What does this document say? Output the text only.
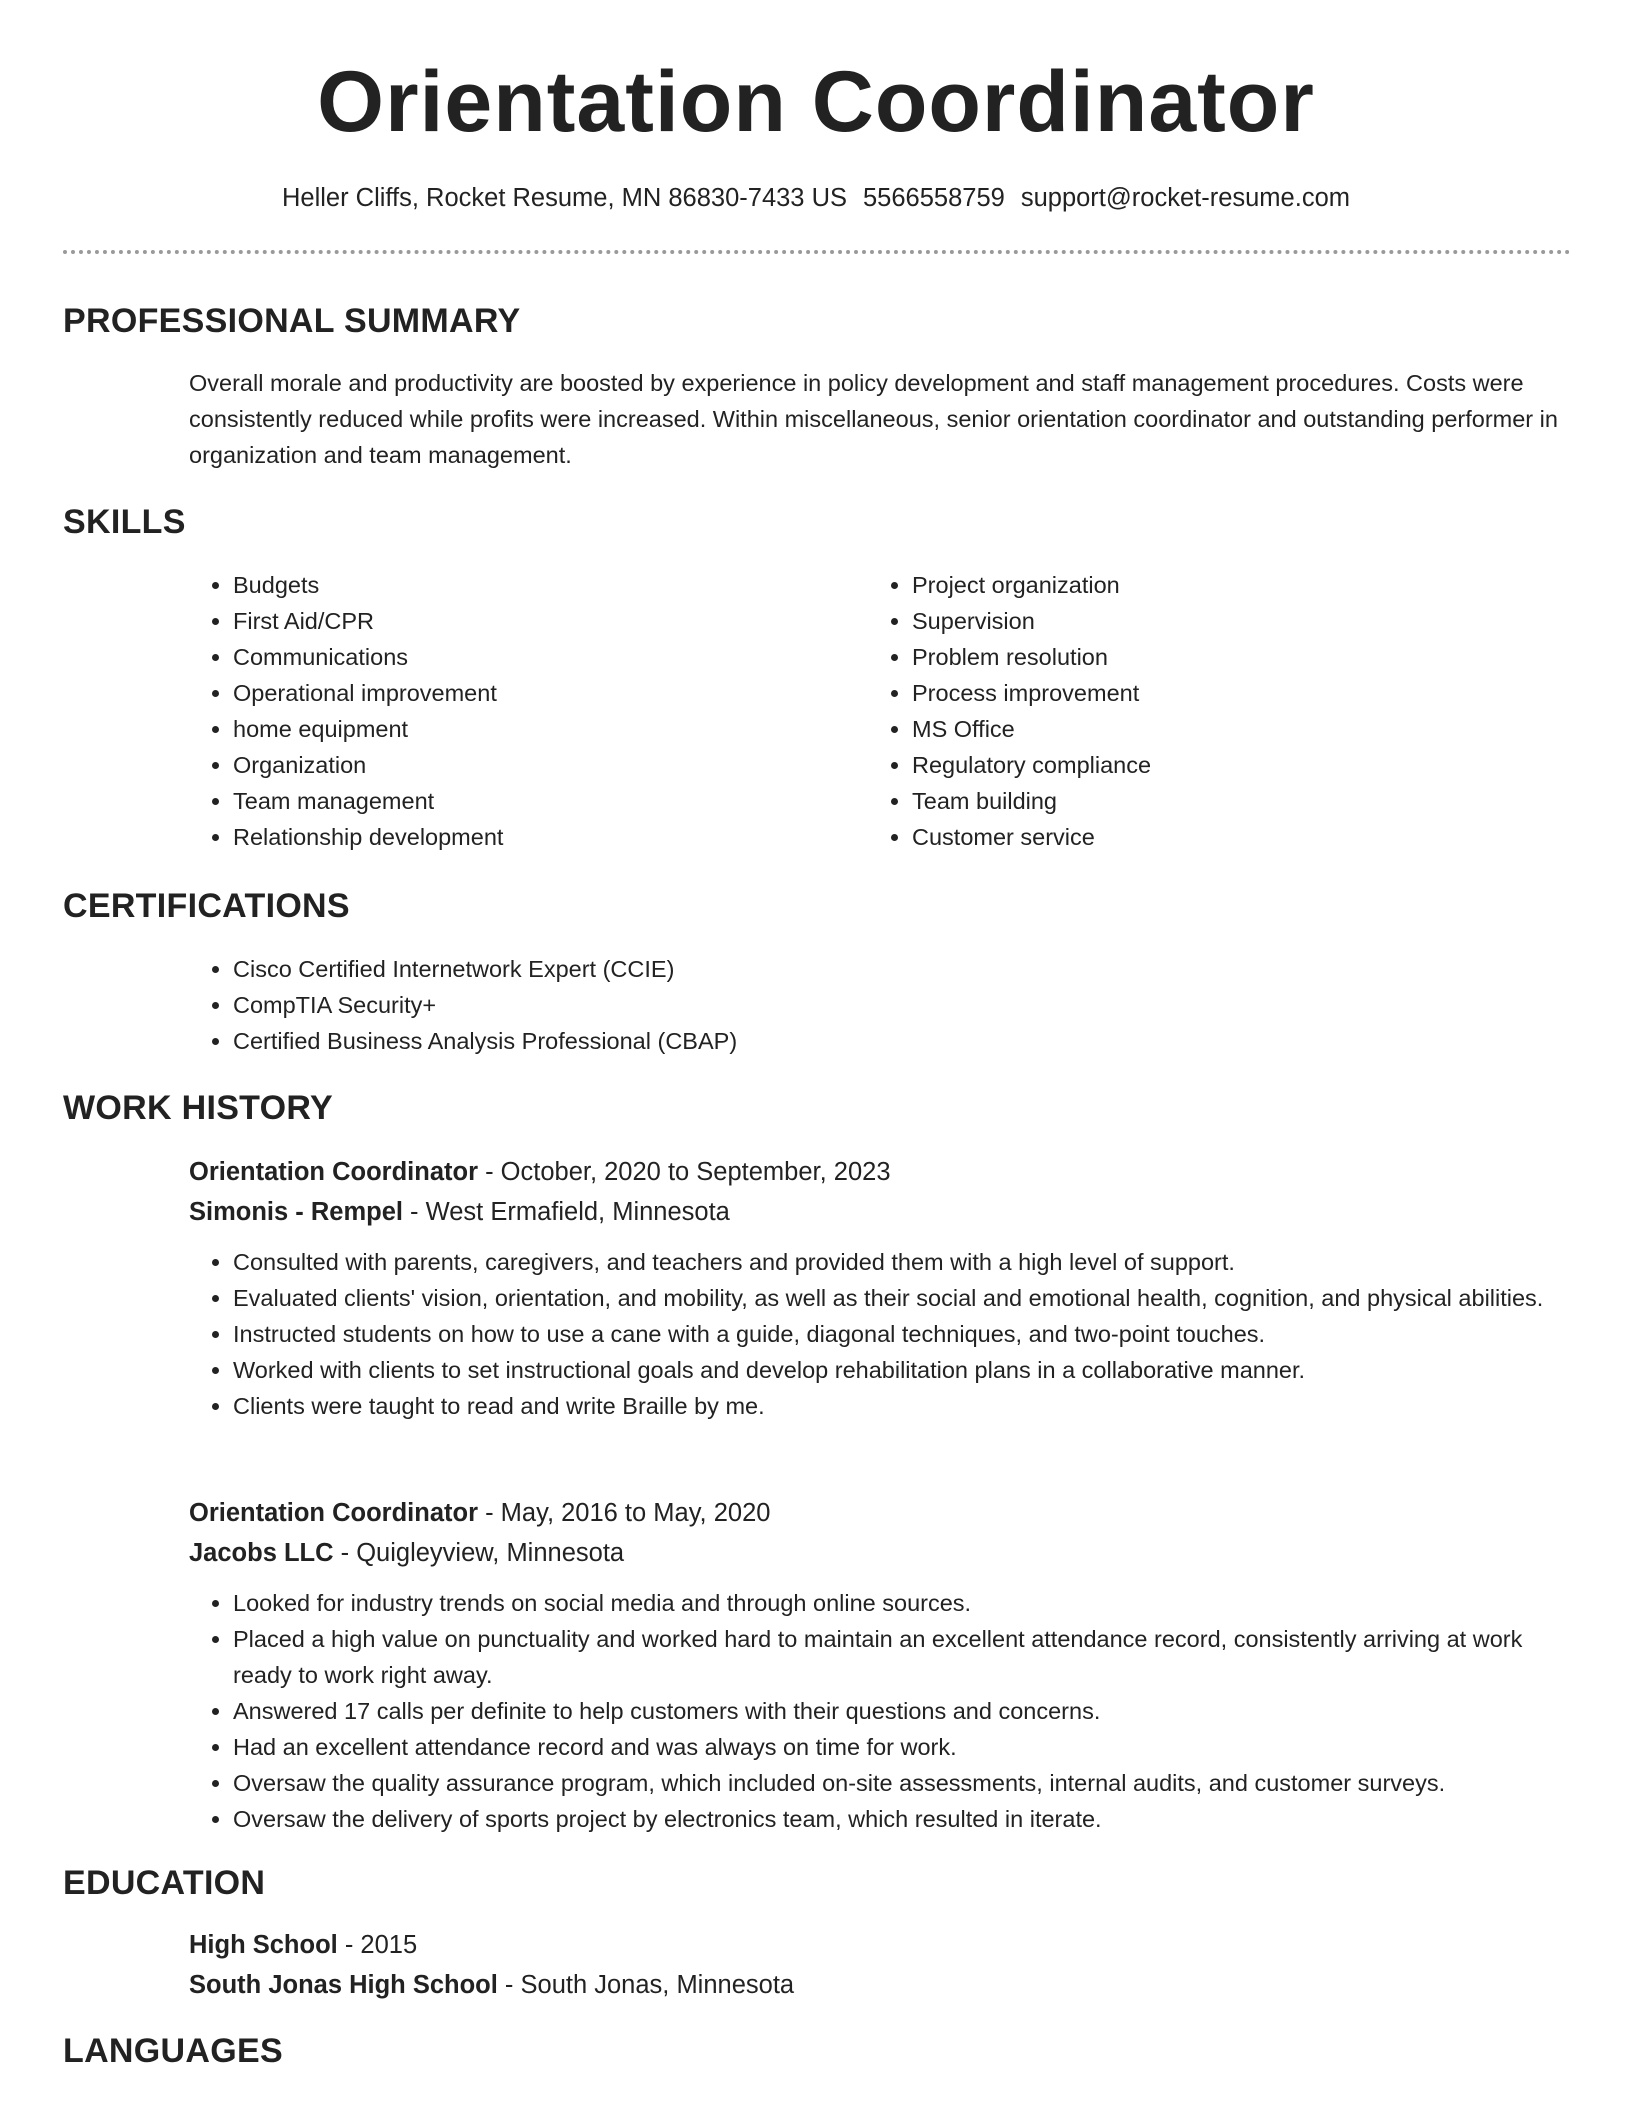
Orientation Coordinator
Heller Cliffs, Rocket Resume, MN 86830-7433 US 5566558759 support@rocket-resume.com
PROFESSIONAL SUMMARY

Overall morale and productivity are boosted by experience in policy development and staff management procedures. Costs were consistently reduced while profits were increased. Within miscellaneous, senior orientation coordinator and outstanding performer in organization and team management.

SKILLS
• Budgets
• First Aid/CPR
• Communications
• Operational improvement
• home equipment
• Organization
• Team management
• Relationship development
• Project organization
• Supervision
• Problem resolution
• Process improvement
• MS Office
• Regulatory compliance
• Team building
• Customer service
CERTIFICATIONS
• Cisco Certified Internetwork Expert (CCIE)
• CompTIA Security+
• Certified Business Analysis Professional (CBAP)
WORK HISTORY
Orientation Coordinator - October, 2020 to September, 2023
Simonis - Rempel - West Ermafield, Minnesota
• Consulted with parents, caregivers, and teachers and provided them with a high level of support.
• Evaluated clients' vision, orientation, and mobility, as well as their social and emotional health, cognition, and physical abilities.
• Instructed students on how to use a cane with a guide, diagonal techniques, and two-point touches.
• Worked with clients to set instructional goals and develop rehabilitation plans in a collaborative manner.
• Clients were taught to read and write Braille by me.
Orientation Coordinator - May, 2016 to May, 2020
Jacobs LLC - Quigleyview, Minnesota
• Looked for industry trends on social media and through online sources.
• Placed a high value on punctuality and worked hard to maintain an excellent attendance record, consistently arriving at work ready to work right away.
• Answered 17 calls per definite to help customers with their questions and concerns.
• Had an excellent attendance record and was always on time for work.
• Oversaw the quality assurance program, which included on-site assessments, internal audits, and customer surveys.
• Oversaw the delivery of sports project by electronics team, which resulted in iterate.
EDUCATION
High School - 2015
South Jonas High School - South Jonas, Minnesota
LANGUAGES
